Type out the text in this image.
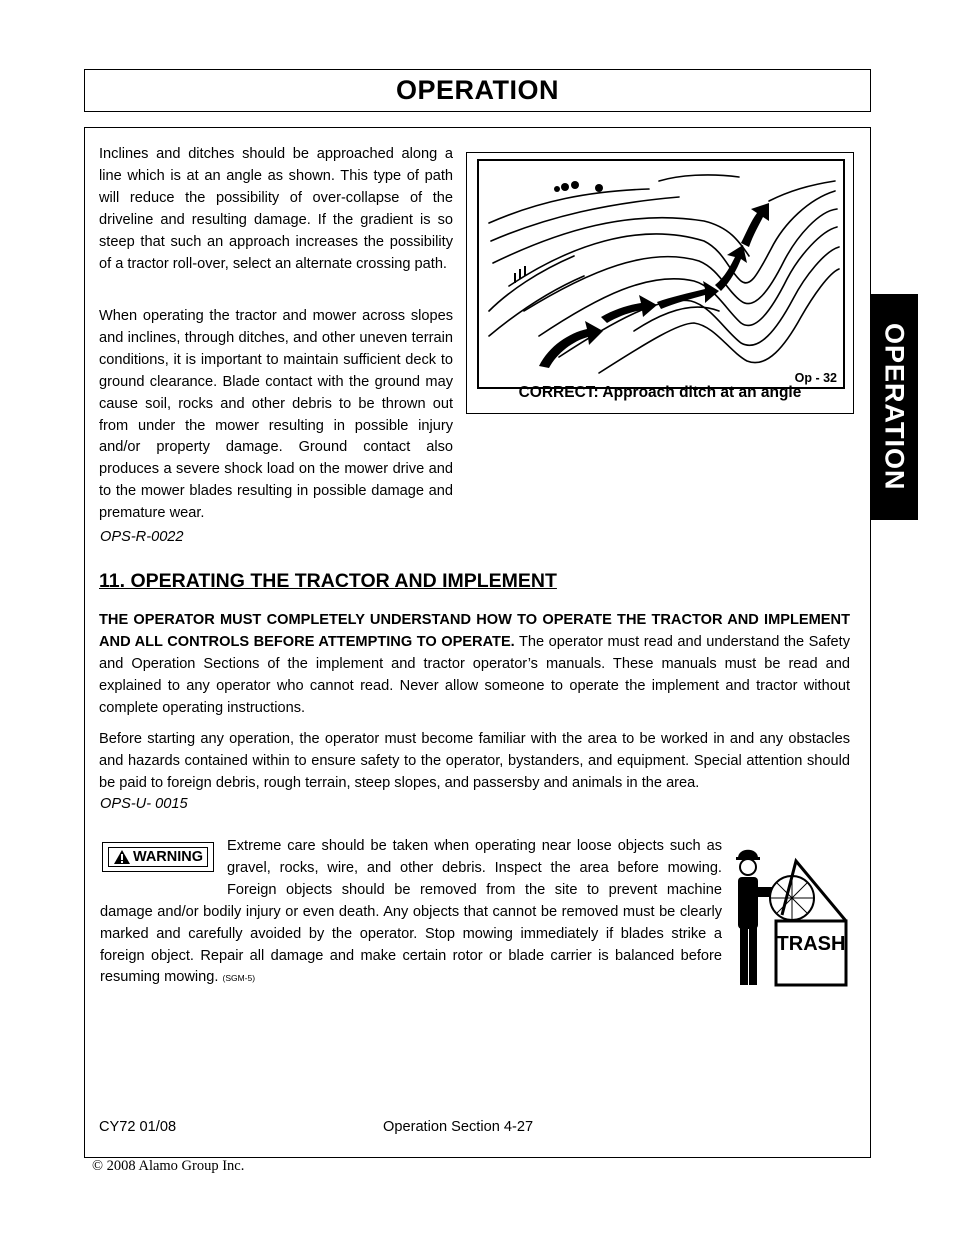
OPERATION
OPERATION

Inclines and ditches should be approached along a line which is at an angle as shown. This type of path will reduce the possibility of over-collapse of the driveline and resulting damage. If the gradient is so steep that such an approach increases the possibility of a tractor roll-over, select an alternate crossing path.

When operating the tractor and mower across slopes and inclines, through ditches, and other uneven terrain conditions, it is important to maintain sufficient deck to ground clearance. Blade contact with the ground may cause soil, rocks and other debris to be thrown out from under the mower resulting in possible injury and/or property damage. Ground contact also produces a severe shock load on the mower drive and to the mower blades resulting in possible damage and premature wear.

OPS-R-0022

Op - 32
CORRECT: Approach ditch at an angle
11. OPERATING THE TRACTOR AND IMPLEMENT

THE OPERATOR MUST COMPLETELY UNDERSTAND HOW TO OPERATE THE TRACTOR AND IMPLEMENT AND ALL CONTROLS BEFORE ATTEMPTING TO OPERATE. The operator must read and understand the Safety and Operation Sections of the implement and tractor operator’s manuals. These manuals must be read and explained to any operator who cannot read. Never allow someone to operate the implement and tractor without complete operating instructions.

Before starting any operation, the operator must become familiar with the area to be worked in and any obstacles and hazards contained within to ensure safety to the operator, bystanders, and equipment. Special attention should be paid to foreign debris, rough terrain, steep slopes, and passersby and animals in the area.

OPS-U- 0015

WARNING

Extreme care should be taken when operating near loose objects such as gravel, rocks, wire, and other debris. Inspect the area before mowing. Foreign objects should be removed from the site to prevent machine damage and/or bodily injury or even death. Any objects that cannot be removed must be clearly marked and carefully avoided by the operator. Stop mowing immediately if blades strike a foreign object. Repair all damage and make certain rotor or blade carrier is balanced before resuming mowing. (SGM-5)
TRASH
CY72 01/08	Operation Section 4-27
© 2008 Alamo Group Inc.
